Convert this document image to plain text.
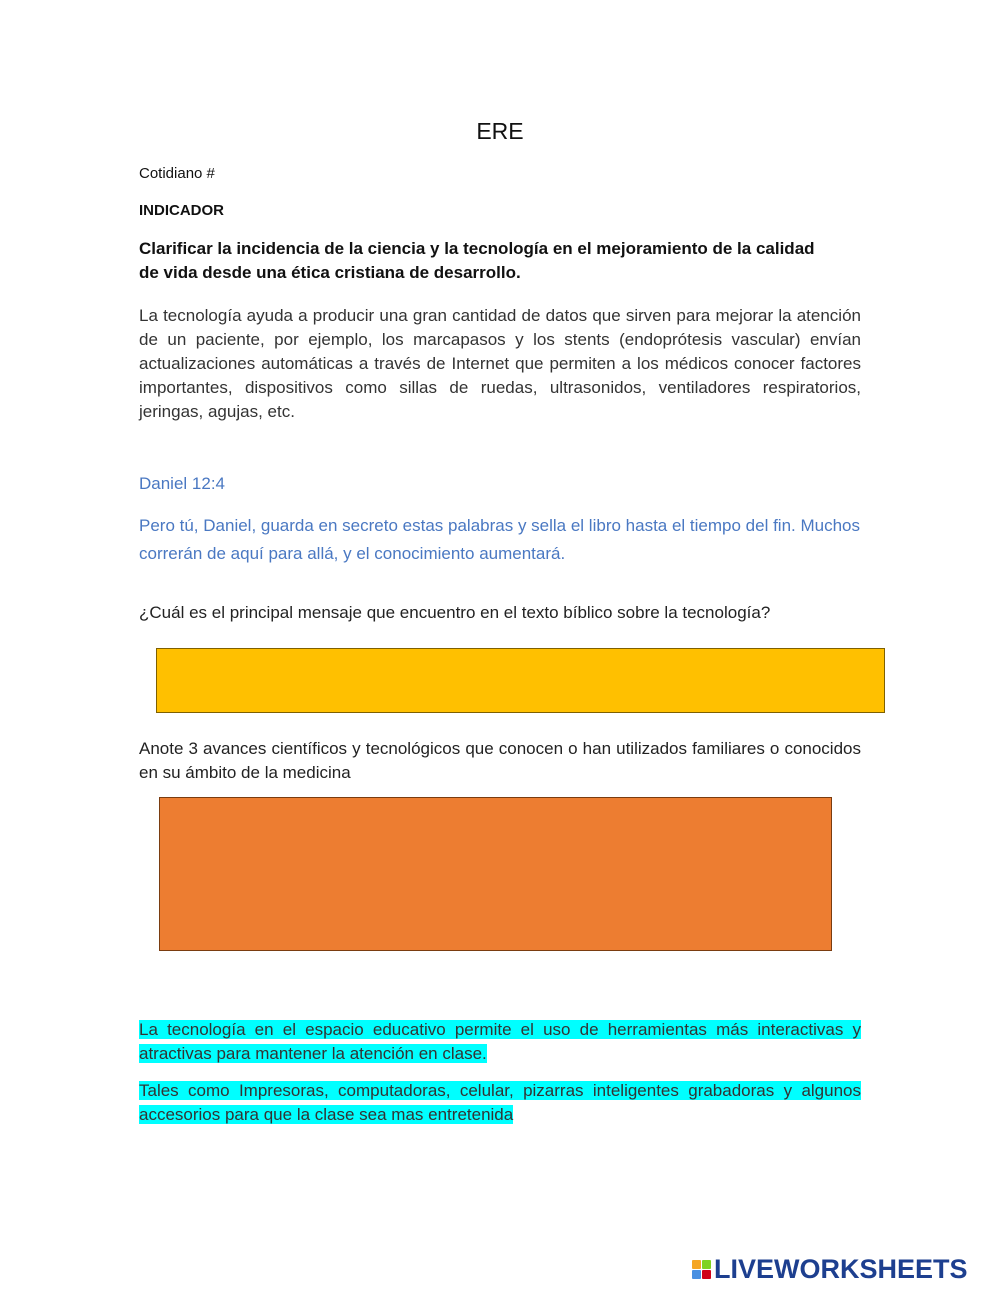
ERE
Cotidiano #
INDICADOR
Clarificar la incidencia de la ciencia y la tecnología en el mejoramiento de la calidad de vida desde una ética cristiana de desarrollo.
La tecnología ayuda a producir una gran cantidad de datos que sirven para mejorar la atención de un paciente, por ejemplo, los marcapasos y los stents (endoprótesis vascular) envían actualizaciones automáticas a través de Internet que permiten a los médicos conocer factores importantes, dispositivos como sillas de ruedas, ultrasonidos, ventiladores respiratorios, jeringas, agujas, etc.
Daniel 12:4
Pero tú, Daniel, guarda en secreto estas palabras y sella el libro hasta el tiempo del fin. Muchos correrán de aquí para allá, y el conocimiento aumentará.
¿Cuál es el principal mensaje que encuentro en el texto bíblico sobre la tecnología?
Anote 3 avances científicos y tecnológicos que conocen o han utilizados familiares o conocidos en su ámbito de la medicina
La tecnología en el espacio educativo permite el uso de herramientas más interactivas y atractivas para mantener la atención en clase.
Tales como Impresoras, computadoras, celular, pizarras inteligentes grabadoras y algunos accesorios para que la clase sea mas entretenida
LIVEWORKSHEETS
